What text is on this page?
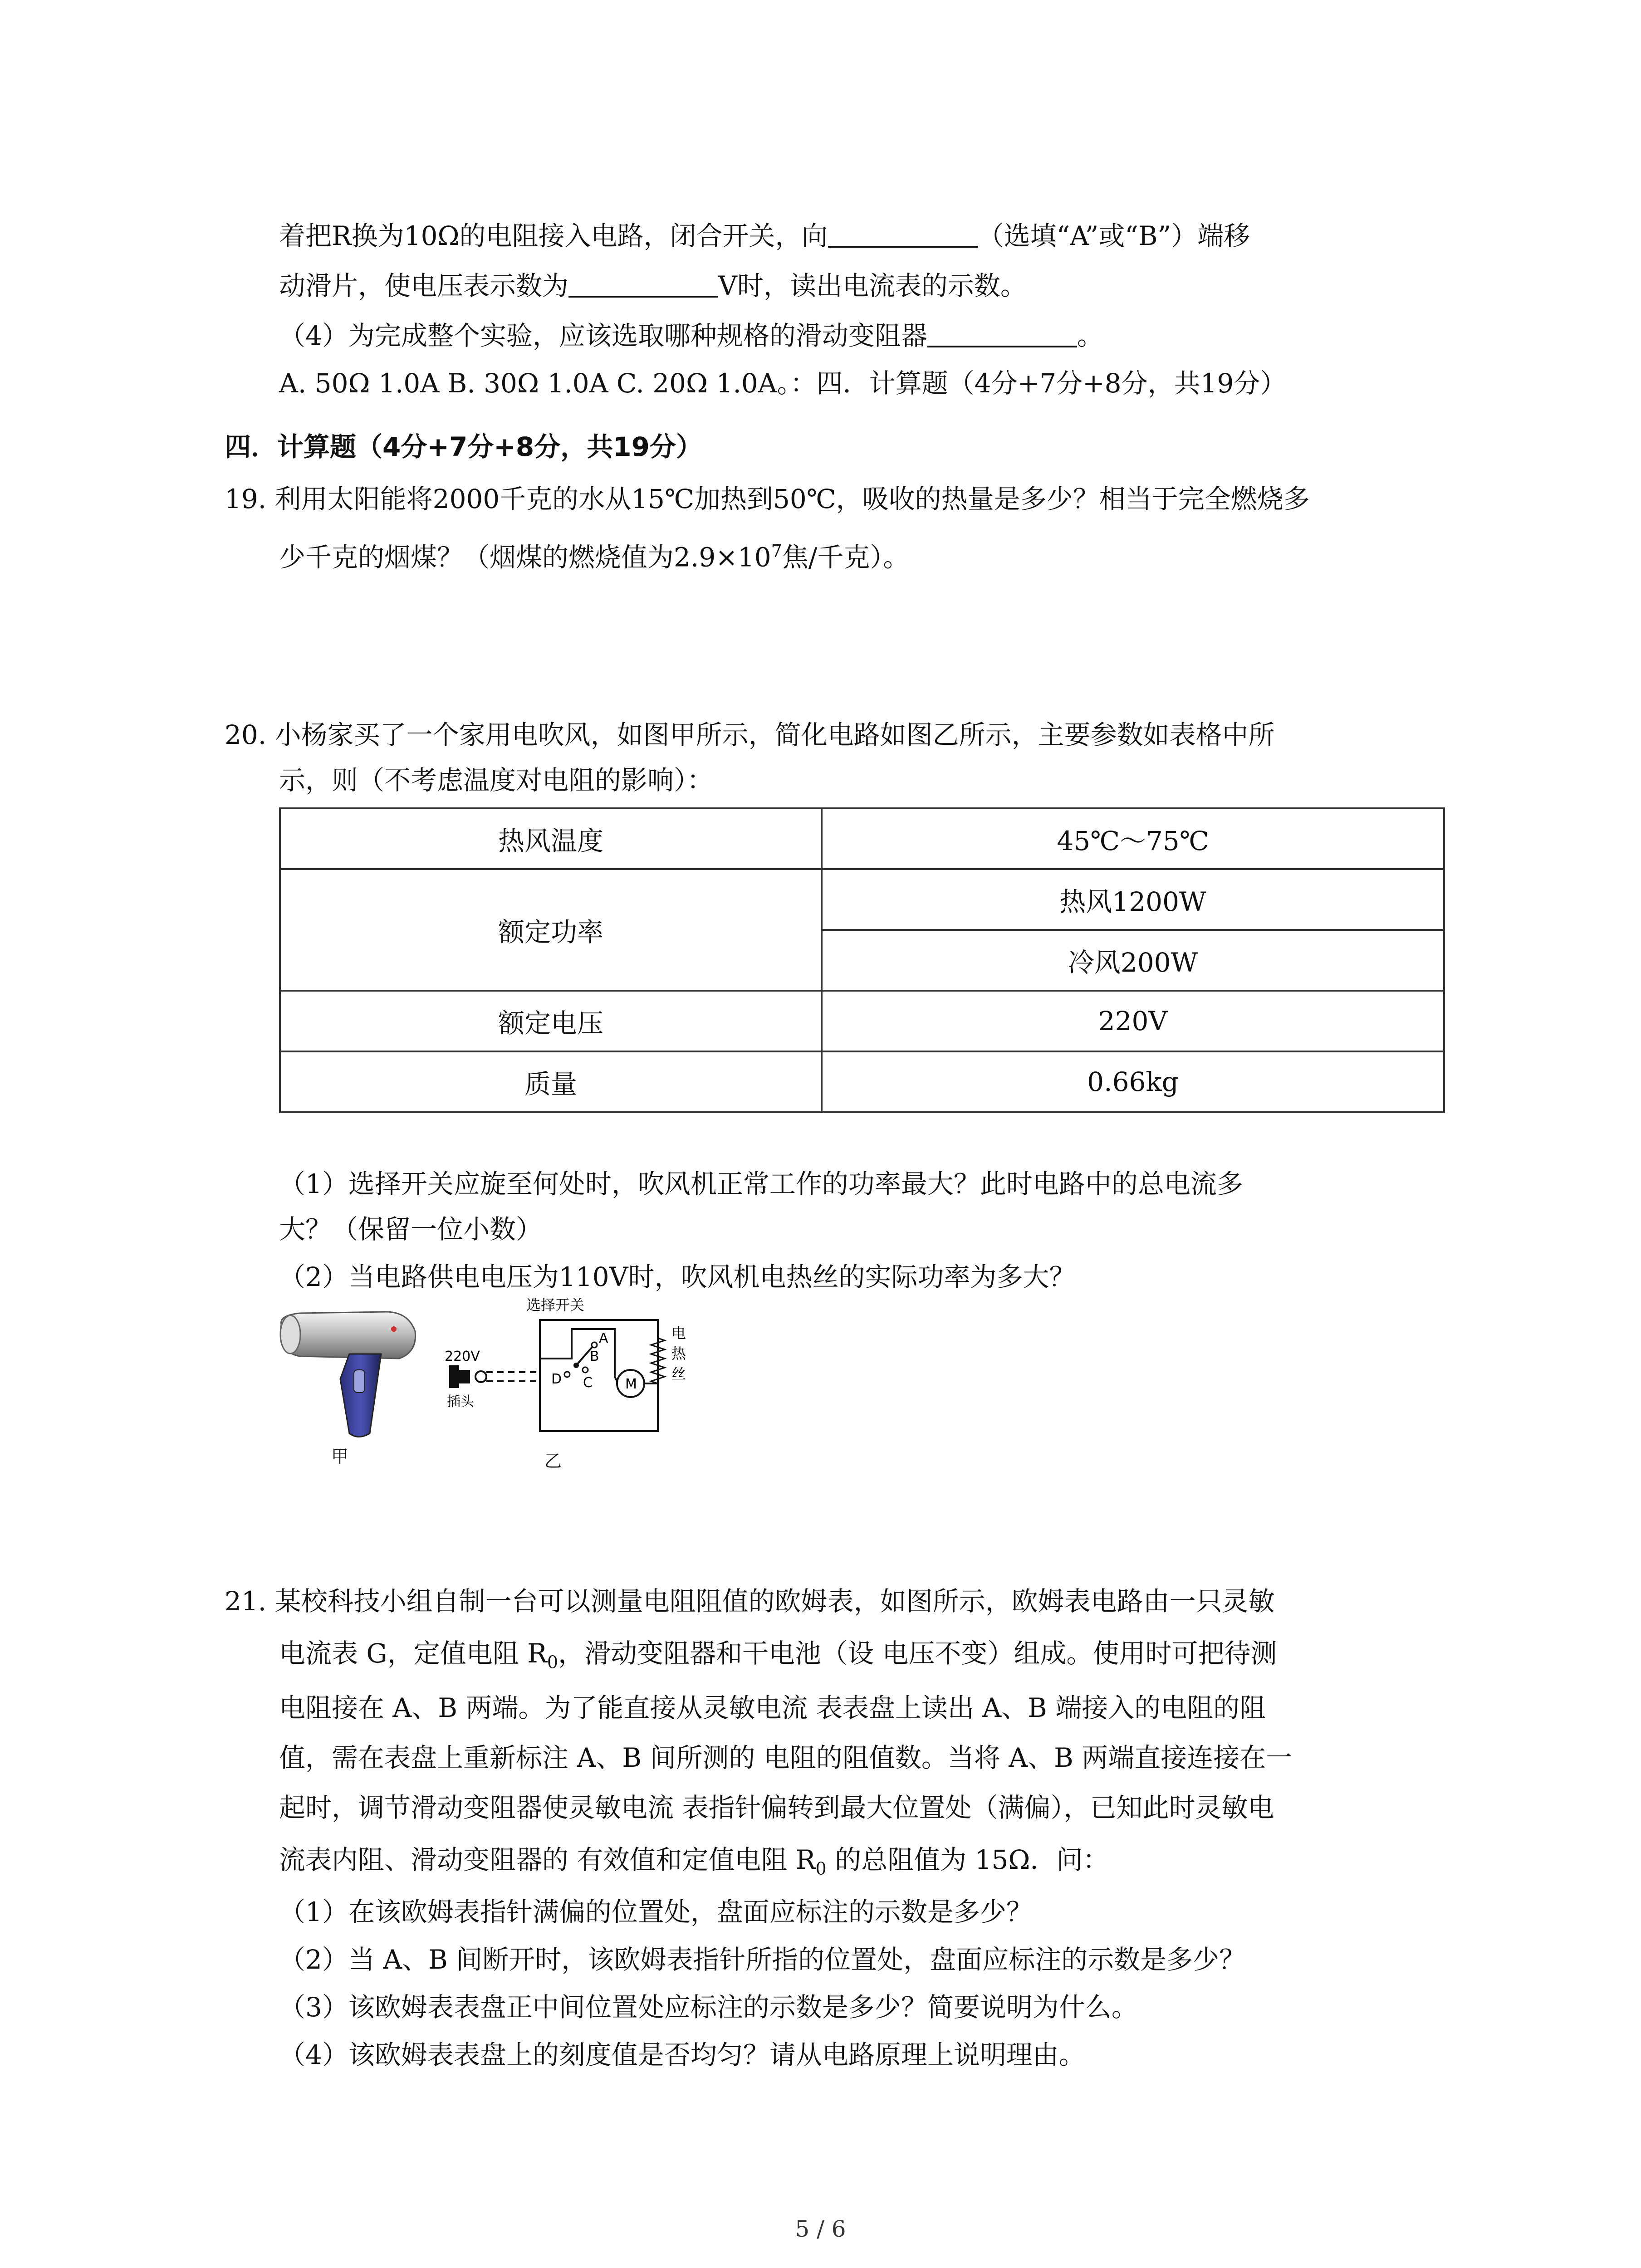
着把R换为10Ω的电阻接入电路，闭合开关，向	（选填“A”或“B”）端移
动滑片，使电压表示数为	V时，读出电流表的示数。
（4）为完成整个实验，应该选取哪种规格的滑动变阻器	。
A. 50Ω 1.0A B. 30Ω 1.0A C. 20Ω 1.0A。：四．计算题（4分+7分+8分，共19分）
四．计算题（4分+7分+8分，共19分）
19. 利用太阳能将2000千克的水从15℃加热到50℃，吸收的热量是多少？相当于完全燃烧多
少千克的烟煤？（烟煤的燃烧值为$2.9\times 10^7$焦/千克）。
20. 小杨家买了一个家用电吹风，如图甲所示，简化电路如图乙所示，主要参数如表格中所
示，则（不考虑温度对电阻的影响）：
热风温度	45℃～75℃
额定功率	热风1200W
	冷风200W
额定电压	220V
质量	0.66kg
（1）选择开关应旋至何处时，吹风机正常工作的功率最大？此时电路中的总电流多
大？（保留一位小数）
（2）当电路供电电压为110V时，吹风机电热丝的实际功率为多大？
甲
选择开关
220V
插头
A
B
C
D	M
电
热
丝
乙
21. 某校科技小组自制一台可以测量电阻阻值的欧姆表，如图所示，欧姆表电路由一只灵敏
电流表 G，定值电阻 $R_0$，滑动变阻器和干电池（设 电压不变）组成。使用时可把待测
电阻接在 A、B 两端。为了能直接从灵敏电流 表表盘上读出 A、B 端接入的电阻的阻
值，需在表盘上重新标注 A、B 间所测的 电阻的阻值数。当将 A、B 两端直接连接在一
起时，调节滑动变阻器使灵敏电流 表指针偏转到最大位置处（满偏），已知此时灵敏电
流表内阻、滑动变阻器的 有效值和定值电阻 $R_0$ 的总阻值为 15Ω．问：
（1）在该欧姆表指针满偏的位置处，盘面应标注的示数是多少？
（2）当 A、B 间断开时，该欧姆表指针所指的位置处，盘面应标注的示数是多少？
（3）该欧姆表表盘正中间位置处应标注的示数是多少？简要说明为什么。
（4）该欧姆表表盘上的刻度值是否均匀？请从电路原理上说明理由。
5 / 6
